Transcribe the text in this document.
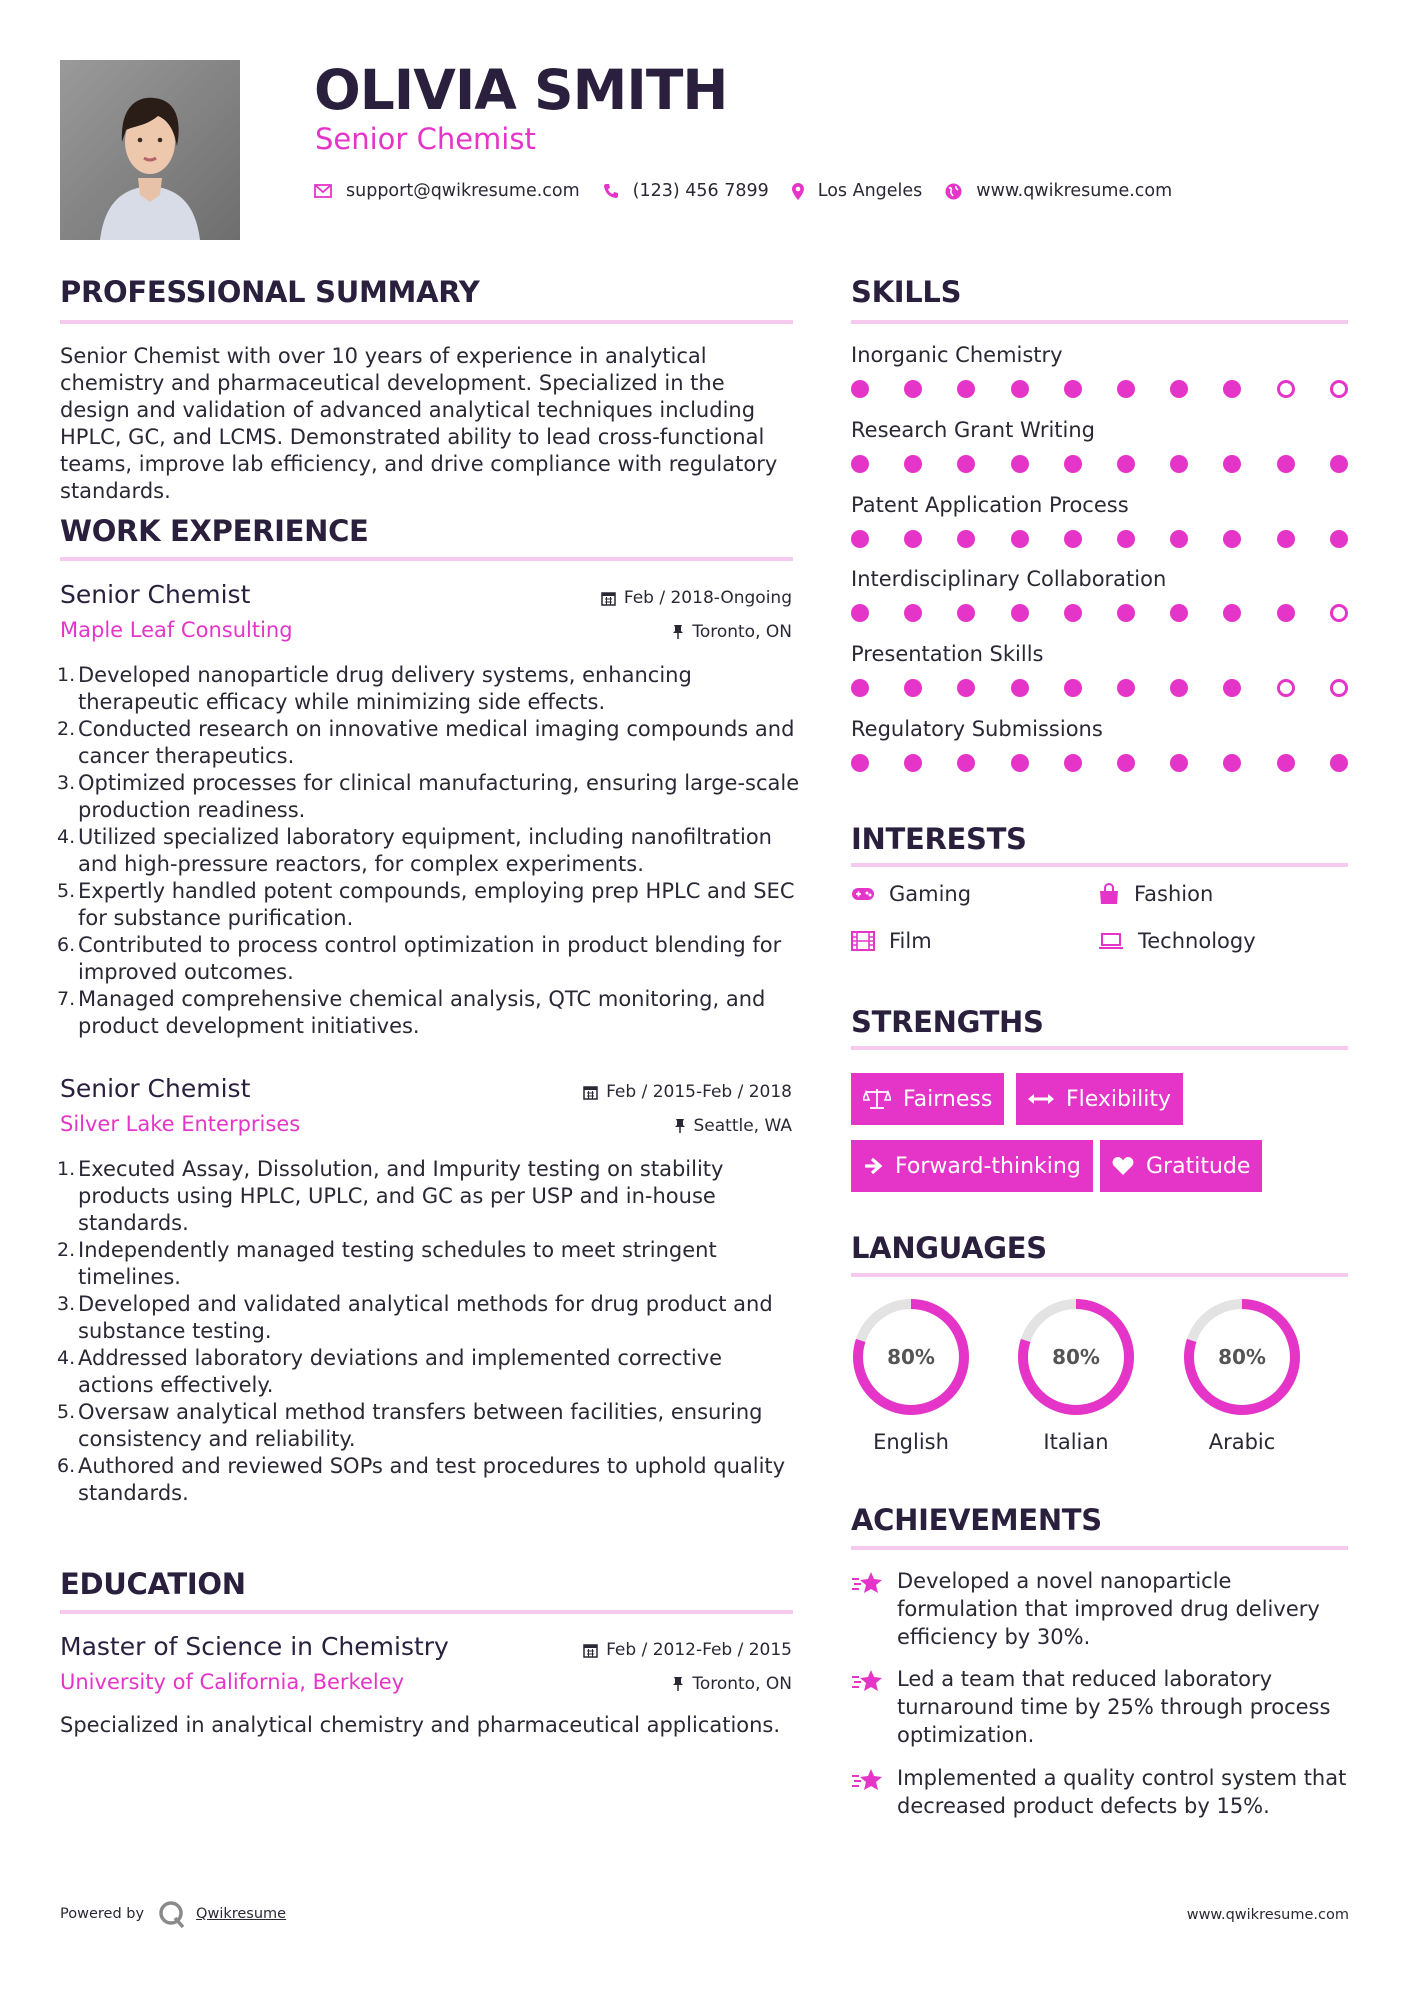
OLIVIA SMITH
Senior Chemist
support@qwikresume.com	(123) 456 7899	Los Angeles	www.qwikresume.com
PROFESSIONAL SUMMARY
Senior Chemist with over 10 years of experience in analytical chemistry and pharmaceutical development. Specialized in the design and validation of advanced analytical techniques including HPLC, GC, and LCMS. Demonstrated ability to lead cross-functional teams, improve lab efficiency, and drive compliance with regulatory standards.
WORK EXPERIENCE
Senior Chemist
Maple Leaf Consulting
Feb / 2018-Ongoing
Toronto, ON
1. Developed nanoparticle drug delivery systems, enhancing therapeutic efficacy while minimizing side effects.
2. Conducted research on innovative medical imaging compounds and cancer therapeutics.
3. Optimized processes for clinical manufacturing, ensuring large-scale production readiness.
4. Utilized specialized laboratory equipment, including nanofiltration and high-pressure reactors, for complex experiments.
5. Expertly handled potent compounds, employing prep HPLC and SEC for substance purification.
6. Contributed to process control optimization in product blending for improved outcomes.
7. Managed comprehensive chemical analysis, QTC monitoring, and product development initiatives.
Senior Chemist
Silver Lake Enterprises
Feb / 2015-Feb / 2018
Seattle, WA
1. Executed Assay, Dissolution, and Impurity testing on stability products using HPLC, UPLC, and GC as per USP and in-house standards.
2. Independently managed testing schedules to meet stringent timelines.
3. Developed and validated analytical methods for drug product and substance testing.
4. Addressed laboratory deviations and implemented corrective actions effectively.
5. Oversaw analytical method transfers between facilities, ensuring consistency and reliability.
6. Authored and reviewed SOPs and test procedures to uphold quality standards.
EDUCATION
Master of Science in Chemistry
University of California, Berkeley
Feb / 2012-Feb / 2015
Toronto, ON
Specialized in analytical chemistry and pharmaceutical applications.
SKILLS
Inorganic Chemistry
Research Grant Writing
Patent Application Process
Interdisciplinary Collaboration
Presentation Skills
Regulatory Submissions
INTERESTS
Gaming	Fashion
Film	Technology
STRENGTHS
Fairness	Flexibility
Forward-thinking	Gratitude
LANGUAGES
80%
English
80%
Italian
80%
Arabic
ACHIEVEMENTS
Developed a novel nanoparticle formulation that improved drug delivery efficiency by 30%.
Led a team that reduced laboratory turnaround time by 25% through process optimization.
Implemented a quality control system that decreased product defects by 15%.
Powered by	Qwikresume	www.qwikresume.com
